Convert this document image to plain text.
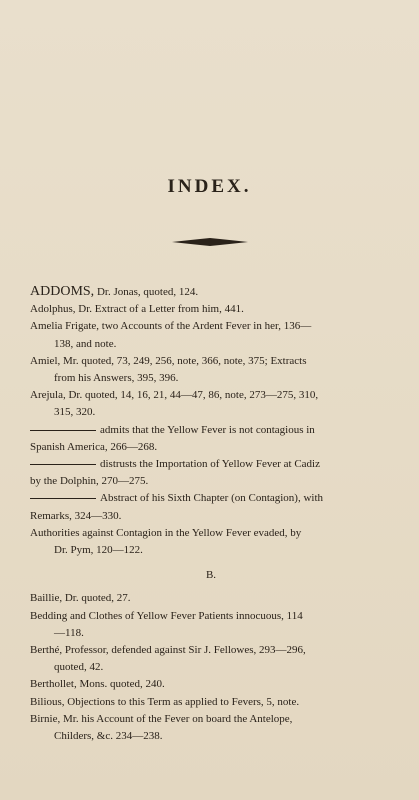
INDEX.

ADDOMS, Dr. Jonas, quoted, 124.

Adolphus, Dr. Extract of a Letter from him, 441.

Amelia Frigate, two Accounts of the Ardent Fever in her, 136—
138, and note.

Amiel, Mr. quoted, 73, 249, 256, note, 366, note, 375; Extracts
from his Answers, 395, 396.

Arejula, Dr. quoted, 14, 16, 21, 44—47, 86, note, 273—275, 310,
315, 320.

admits that the Yellow Fever is not contagious in
Spanish America, 266—268.

distrusts the Importation of Yellow Fever at Cadiz
by the Dolphin, 270—275.

Abstract of his Sixth Chapter (on Contagion), with
Remarks, 324—330.

Authorities against Contagion in the Yellow Fever evaded, by
Dr. Pym, 120—122.

B.

Baillie, Dr. quoted, 27.

Bedding and Clothes of Yellow Fever Patients innocuous, 114
—118.

Berthé, Professor, defended against Sir J. Fellowes, 293—296,
quoted, 42.

Berthollet, Mons. quoted, 240.

Bilious, Objections to this Term as applied to Fevers, 5, note.

Birnie, Mr. his Account of the Fever on board the Antelope,
Childers, &c. 234—238.
